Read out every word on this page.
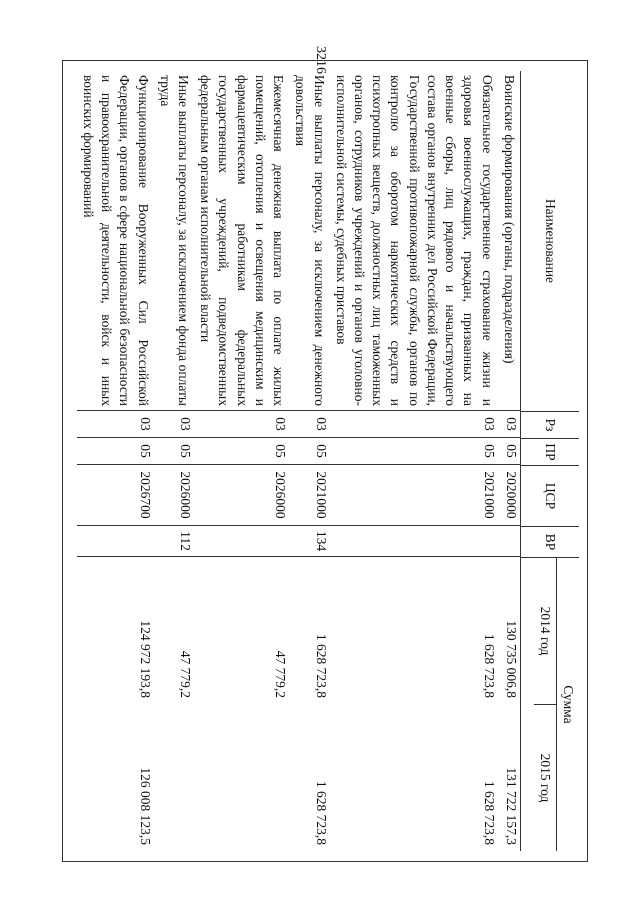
3216
Наименование
Рз
ПР
ЦСР
ВР
Сумма
2014 год
2015 год
Воинские формирования (органы, подразделения)
03
05
2020000
130 735 006,8
131 722 157,3
Обязательное государственное страхование жизни и здоровья военнослужащих, граждан, призванных на военные сборы, лиц рядового и начальствующего состава органов внутренних дел Российской Федерации, Государственной противопожарной службы, органов по контролю за оборотом наркотических средств и психотропных веществ, должностных лиц таможенных органов, сотрудников учреждений и органов уголовно-исполнительной системы, судебных приставов
03
05
2021000
1 628 723,8
1 628 723,8
Иные выплаты персоналу, за исключением денежного довольствия
03
05
2021000
134
1 628 723,8
1 628 723,8
Ежемесячная денежная выплата по оплате жилых помещений, отопления и освещения медицинским и фармацевтическим работникам федеральных государственных учреждений, подведомственных федеральным органам исполнительной власти
03
05
2026000
47 779,2
Иные выплаты персоналу, за исключением фонда оплаты труда
03
05
2026000
112
47 779,2
Функционирование Вооруженных Сил Российской Федерации, органов в сфере национальной безопасности и правоохранительной деятельности, войск и иных воинских формирований
03
05
2026700
124 972 193,8
126 008 123,5
